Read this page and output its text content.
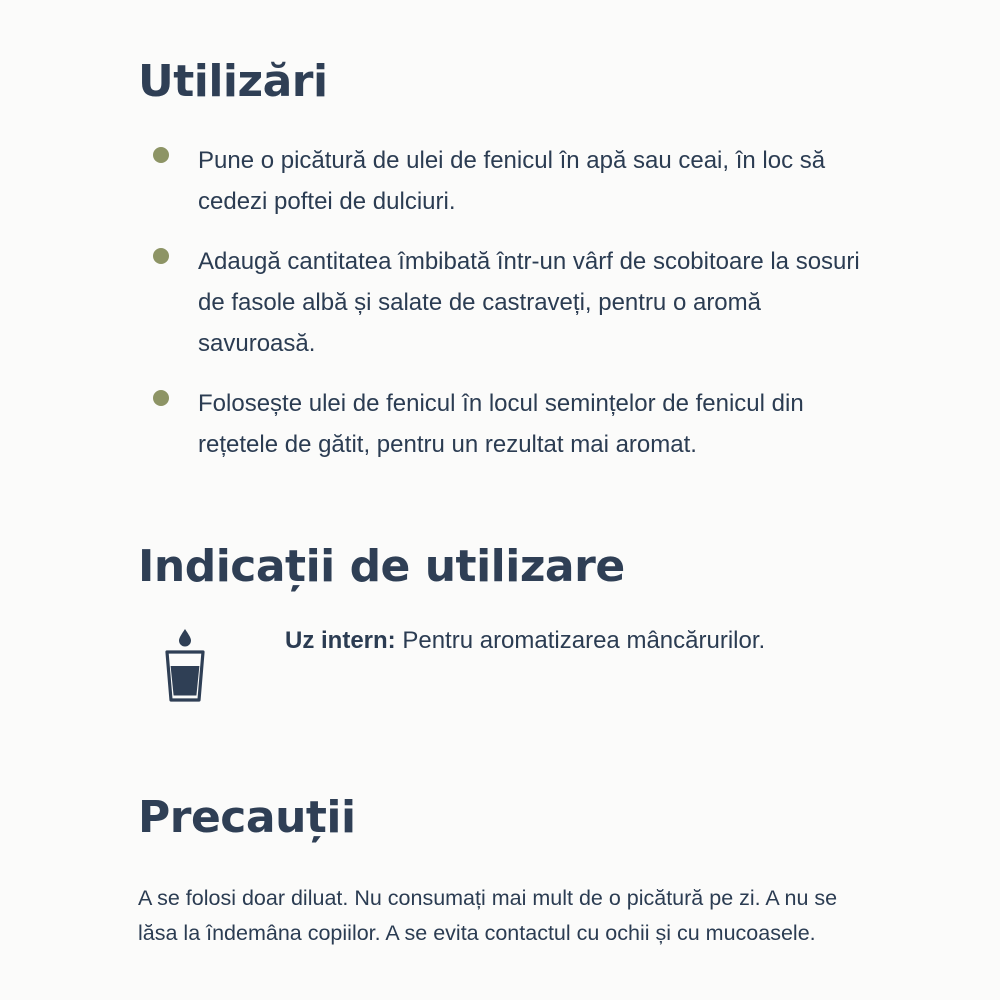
Utilizări
Pune o picătură de ulei de fenicul în apă sau ceai, în loc să cedezi poftei de dulciuri.
Adaugă cantitatea îmbibată într-un vârf de scobitoare la sosuri de fasole albă și salate de castraveți, pentru o aromă savuroasă.
Folosește ulei de fenicul în locul semințelor de fenicul din rețetele de gătit, pentru un rezultat mai aromat.
Indicații de utilizare
Uz intern: Pentru aromatizarea mâncărurilor.
Precauții

A se folosi doar diluat. Nu consumați mai mult de o picătură pe zi. A nu se lăsa la îndemâna copiilor. A se evita contactul cu ochii și cu mucoasele.
